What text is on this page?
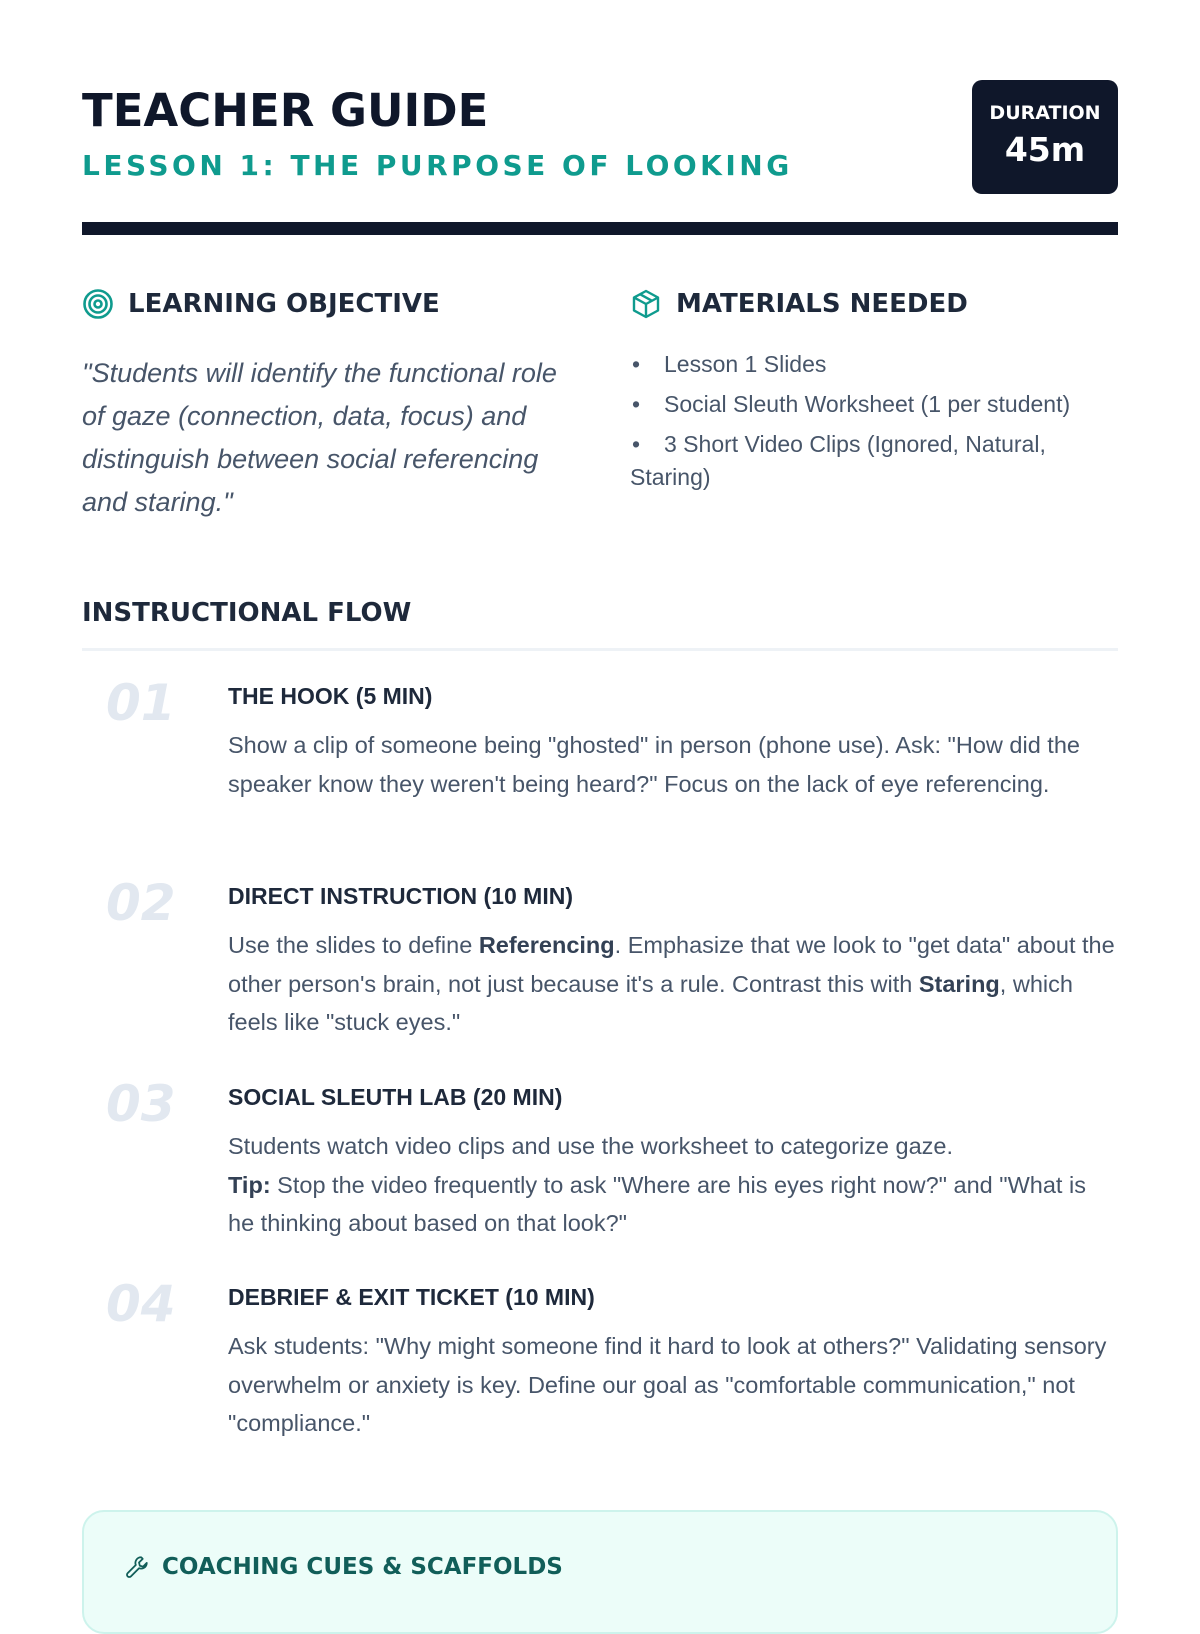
TEACHER GUIDE
LESSON 1: THE PURPOSE OF LOOKING
DURATION
45m
LEARNING OBJECTIVE
"Students will identify the functional role of gaze (connection, data, focus) and distinguish between social referencing and staring."
MATERIALS NEEDED
• Lesson 1 Slides
• Social Sleuth Worksheet (1 per student)
• 3 Short Video Clips (Ignored, Natural, Staring)
INSTRUCTIONAL FLOW
01 THE HOOK (5 MIN)
Show a clip of someone being "ghosted" in person (phone use). Ask: "How did the speaker know they weren't being heard?" Focus on the lack of eye referencing.
02 DIRECT INSTRUCTION (10 MIN)
Use the slides to define Referencing. Emphasize that we look to "get data" about the other person's brain, not just because it's a rule. Contrast this with Staring, which feels like "stuck eyes."
03 SOCIAL SLEUTH LAB (20 MIN)
Students watch video clips and use the worksheet to categorize gaze.
Tip: Stop the video frequently to ask "Where are his eyes right now?" and "What is he thinking about based on that look?"
04 DEBRIEF & EXIT TICKET (10 MIN)
Ask students: "Why might someone find it hard to look at others?" Validating sensory overwhelm or anxiety is key. Define our goal as "comfortable communication," not "compliance."
COACHING CUES & SCAFFOLDS
